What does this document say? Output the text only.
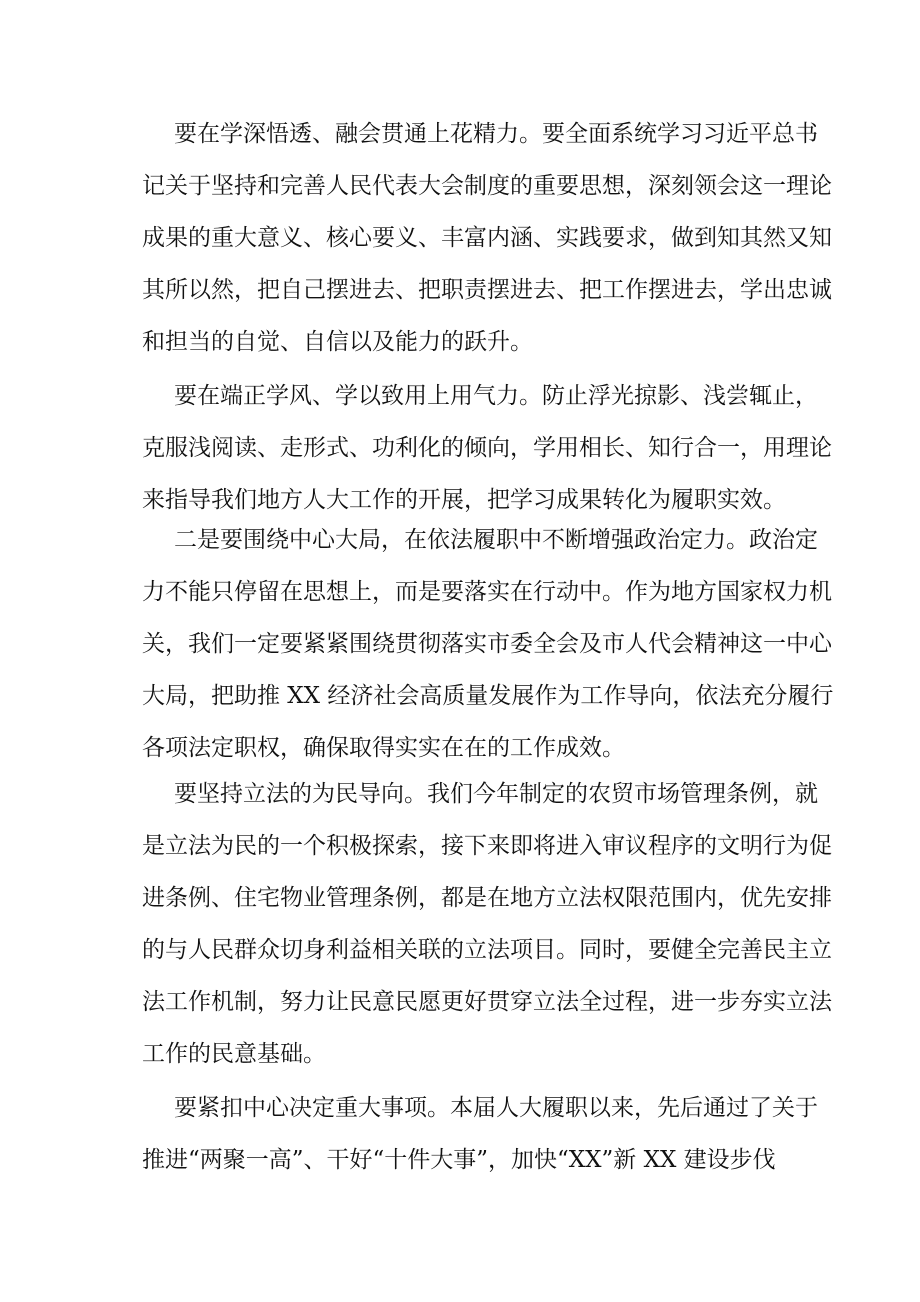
要在学深悟透、融会贯通上花精力。要全面系统学习习近平总书
记关于坚持和完善人民代表大会制度的重要思想，深刻领会这一理论
成果的重大意义、核心要义、丰富内涵、实践要求，做到知其然又知
其所以然，把自己摆进去、把职责摆进去、把工作摆进去，学出忠诚
和担当的自觉、自信以及能力的跃升。
要在端正学风、学以致用上用气力。防止浮光掠影、浅尝辄止，
克服浅阅读、走形式、功利化的倾向，学用相长、知行合一，用理论
来指导我们地方人大工作的开展，把学习成果转化为履职实效。
二是要围绕中心大局，在依法履职中不断增强政治定力。政治定
力不能只停留在思想上，而是要落实在行动中。作为地方国家权力机
关，我们一定要紧紧围绕贯彻落实市委全会及市人代会精神这一中心
大局，把助推 XX 经济社会高质量发展作为工作导向，依法充分履行
各项法定职权，确保取得实实在在的工作成效。
要坚持立法的为民导向。我们今年制定的农贸市场管理条例，就
是立法为民的一个积极探索，接下来即将进入审议程序的文明行为促
进条例、住宅物业管理条例，都是在地方立法权限范围内，优先安排
的与人民群众切身利益相关联的立法项目。同时，要健全完善民主立
法工作机制，努力让民意民愿更好贯穿立法全过程，进一步夯实立法
工作的民意基础。
要紧扣中心决定重大事项。本届人大履职以来，先后通过了关于
推进“两聚一高”、干好“十件大事”，加快“XX”新 XX 建设步伐
